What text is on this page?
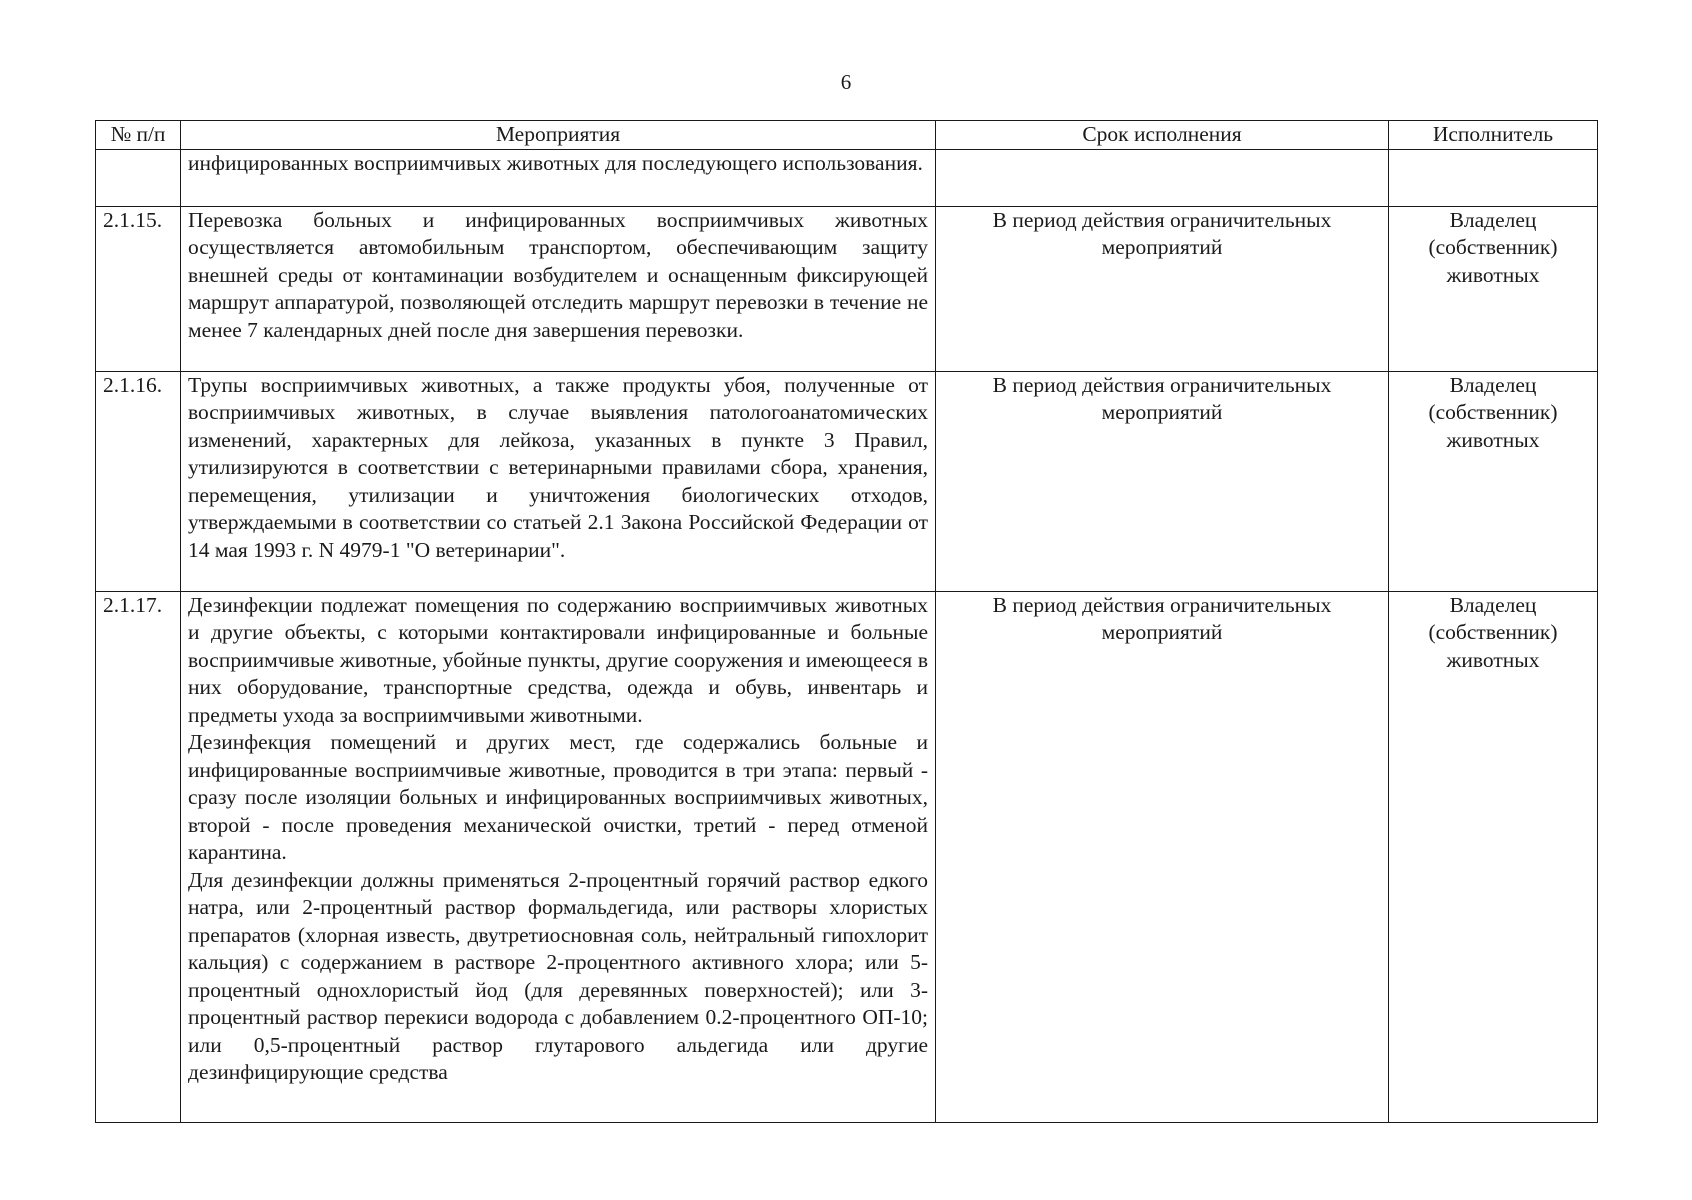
6
№ п/п	Мероприятия	Срок исполнения	Исполнитель

	инфицированных восприимчивых животных для последующего использования.		

2.1.15.	Перевозка больных и инфицированных восприимчивых животных осуществляется автомобильным транспортом, обеспечивающим защиту внешней среды от контаминации возбудителем и оснащенным фиксирующей маршрут аппаратурой, позволяющей отследить маршрут перевозки в течение не менее 7 календарных дней после дня завершения перевозки.	В период действия ограничительных мероприятий	Владелец (собственник) животных
2.1.16.	Трупы восприимчивых животных, а также продукты убоя, полученные от восприимчивых животных, в случае выявления патологоанатомических изменений, характерных для лейкоза, указанных в пункте 3 Правил, утилизируются в соответствии с ветеринарными правилами сбора, хранения, перемещения, утилизации и уничтожения биологических отходов, утверждаемыми в соответствии со статьей 2.1 Закона Российской Федерации от 14 мая 1993 г. N 4979-1 "О ветеринарии".	В период действия ограничительных мероприятий	Владелец (собственник) животных
2.1.17.	Дезинфекции подлежат помещения по содержанию восприимчивых животных и другие объекты, с которыми контактировали инфицированные и больные восприимчивые животные, убойные пункты, другие сооружения и имеющееся в них оборудование, транспортные средства, одежда и обувь, инвентарь и предметы ухода за восприимчивыми животными.

Дезинфекция помещений и других мест, где содержались больные и инфицированные восприимчивые животные, проводится в три этапа: первый - сразу после изоляции больных и инфицированных восприимчивых животных, второй - после проведения механической очистки, третий - перед отменой карантина.

Для дезинфекции должны применяться 2-процентный горячий раствор едкого натра, или 2-процентный раствор формальдегида, или растворы хлористых препаратов (хлорная известь, двутретиосновная соль, нейтральный гипохлорит кальция) с содержанием в растворе 2-процентного активного хлора; или 5-процентный однохлористый йод (для деревянных поверхностей); или 3-процентный раствор перекиси водорода с добавлением 0.2-процентного ОП-10; или 0,5-процентный раствор глутарового альдегида или другие дезинфицирующие средства	В период действия ограничительных мероприятий	Владелец (собственник) животных
